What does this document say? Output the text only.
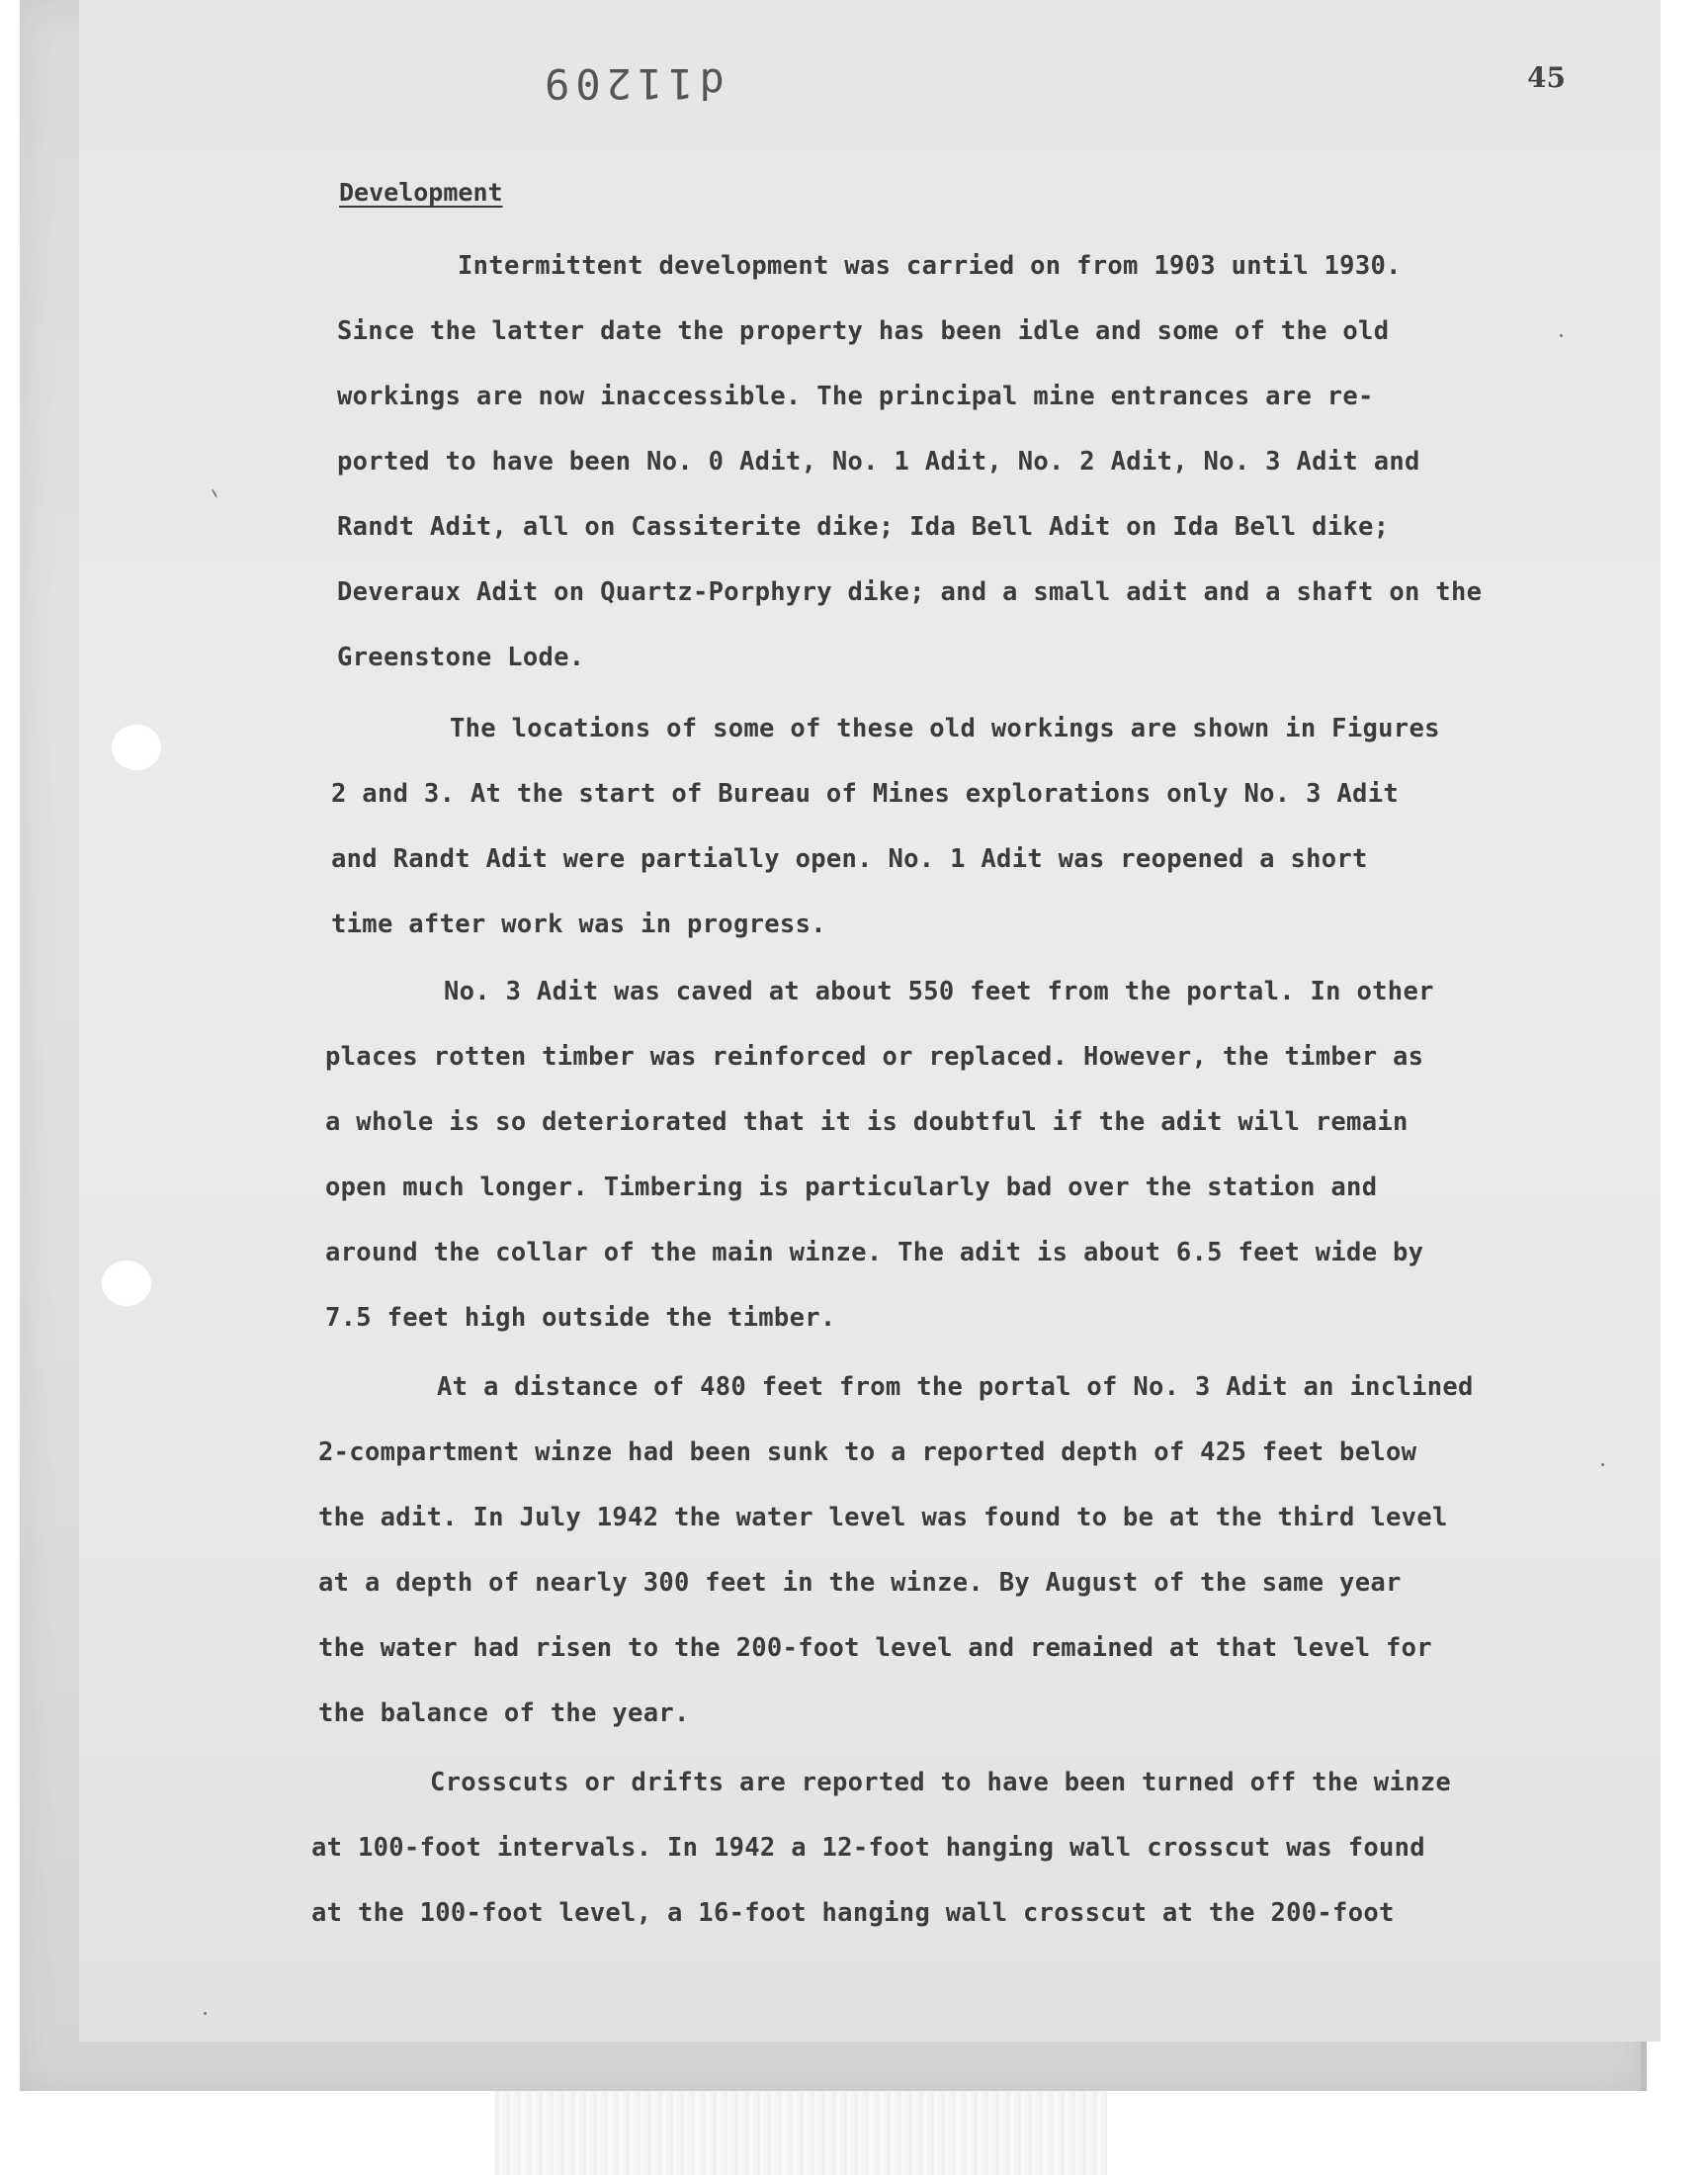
d11209	45
Development
Intermittent development was carried on from 1903 until 1930.
Since the latter date the property has been idle and some of the old
workings are now inaccessible. The principal mine entrances are re-
ported to have been No. 0 Adit, No. 1 Adit, No. 2 Adit, No. 3 Adit and
Randt Adit, all on Cassiterite dike; Ida Bell Adit on Ida Bell dike;
Deveraux Adit on Quartz-Porphyry dike; and a small adit and a shaft on the
Greenstone Lode.
The locations of some of these old workings are shown in Figures
2 and 3. At the start of Bureau of Mines explorations only No. 3 Adit
and Randt Adit were partially open. No. 1 Adit was reopened a short
time after work was in progress.
No. 3 Adit was caved at about 550 feet from the portal. In other
places rotten timber was reinforced or replaced. However, the timber as
a whole is so deteriorated that it is doubtful if the adit will remain
open much longer. Timbering is particularly bad over the station and
around the collar of the main winze. The adit is about 6.5 feet wide by
7.5 feet high outside the timber.
At a distance of 480 feet from the portal of No. 3 Adit an inclined
2-compartment winze had been sunk to a reported depth of 425 feet below
the adit. In July 1942 the water level was found to be at the third level
at a depth of nearly 300 feet in the winze. By August of the same year
the water had risen to the 200-foot level and remained at that level for
the balance of the year.
Crosscuts or drifts are reported to have been turned off the winze
at 100-foot intervals. In 1942 a 12-foot hanging wall crosscut was found
at the 100-foot level, a 16-foot hanging wall crosscut at the 200-foot
